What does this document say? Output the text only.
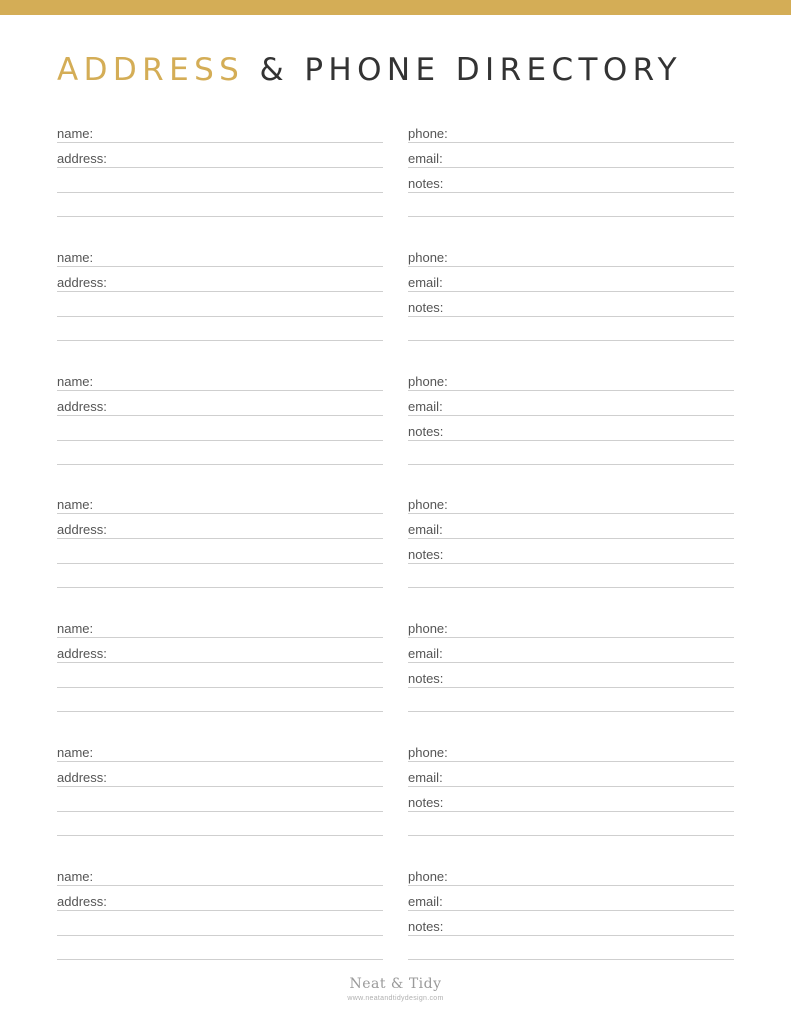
ADDRESS & PHONE DIRECTORY
name:
address:
phone:
email:
notes:
name:
address:
phone:
email:
notes:
name:
address:
phone:
email:
notes:
name:
address:
phone:
email:
notes:
name:
address:
phone:
email:
notes:
name:
address:
phone:
email:
notes:
name:
address:
phone:
email:
notes:
Neat & Tidy
www.neatandtidydesign.com
